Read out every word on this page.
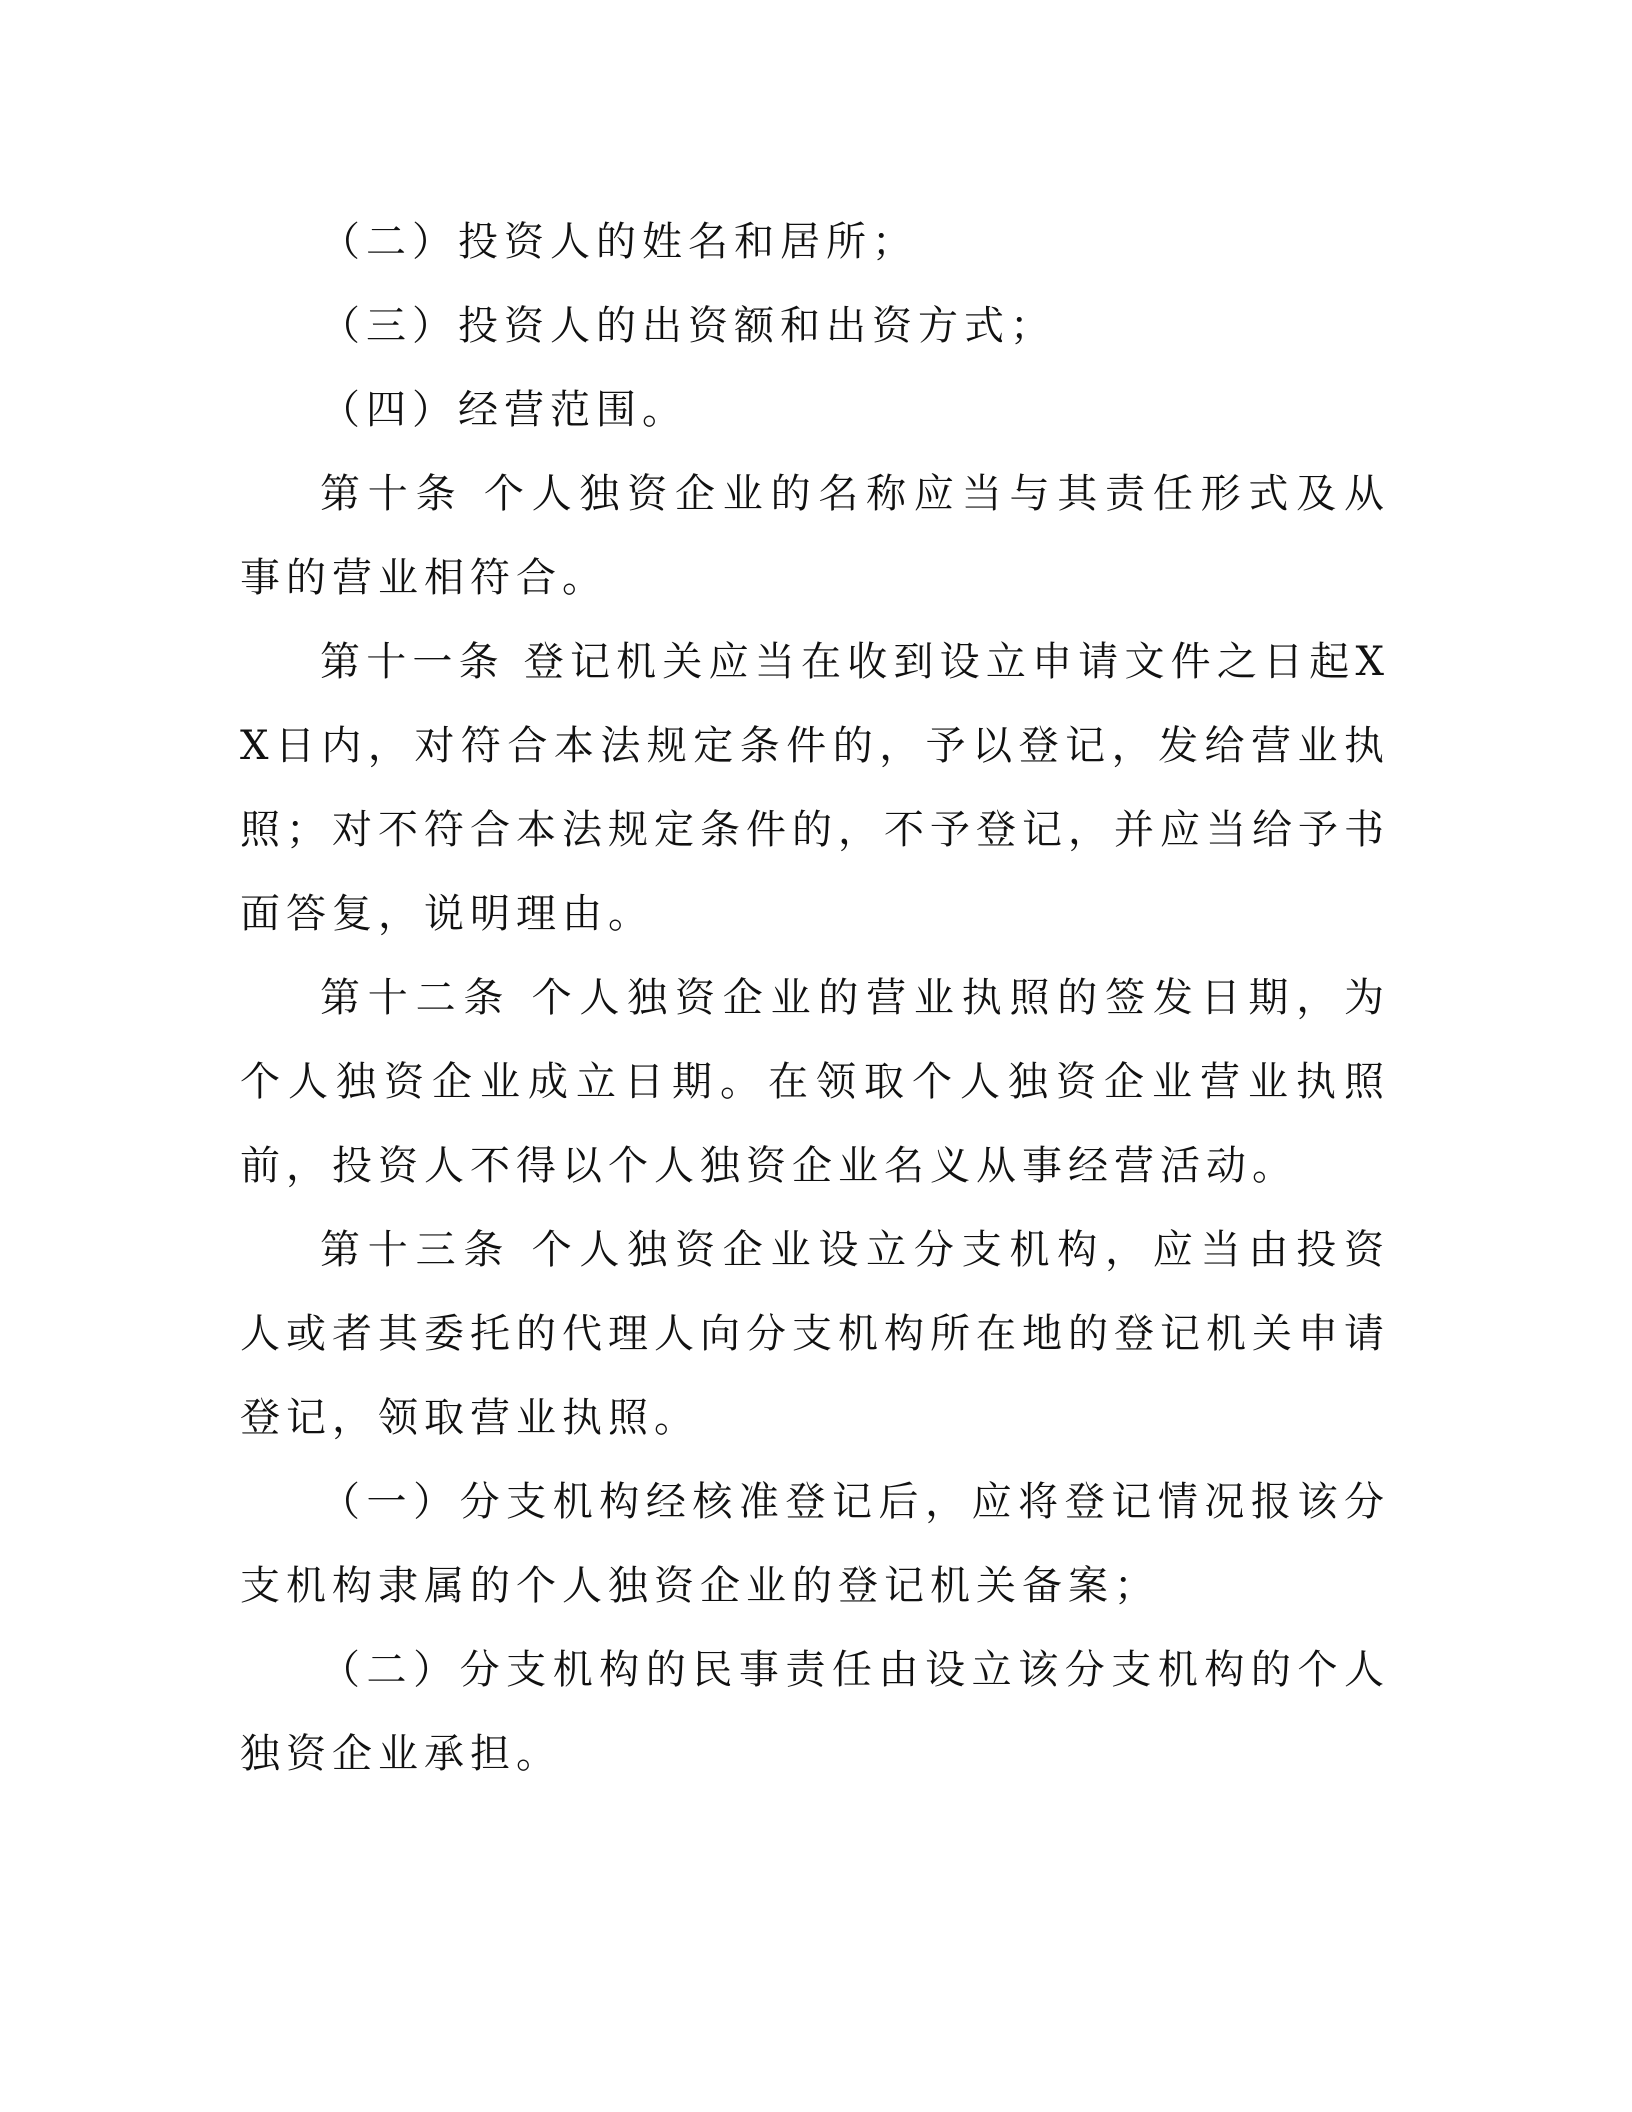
（二）投资人的姓名和居所；

（三）投资人的出资额和出资方式；

（四）经营范围。

第十条 个人独资企业的名称应当与其责任形式及从事的营业相符合。

第十一条 登记机关应当在收到设立申请文件之日起XX日内，对符合本法规定条件的，予以登记，发给营业执照；对不符合本法规定条件的，不予登记，并应当给予书面答复，说明理由。

第十二条 个人独资企业的营业执照的签发日期，为个人独资企业成立日期。在领取个人独资企业营业执照前，投资人不得以个人独资企业名义从事经营活动。

第十三条 个人独资企业设立分支机构，应当由投资人或者其委托的代理人向分支机构所在地的登记机关申请登记，领取营业执照。

（一）分支机构经核准登记后，应将登记情况报该分支机构隶属的个人独资企业的登记机关备案；

（二）分支机构的民事责任由设立该分支机构的个人独资企业承担。
